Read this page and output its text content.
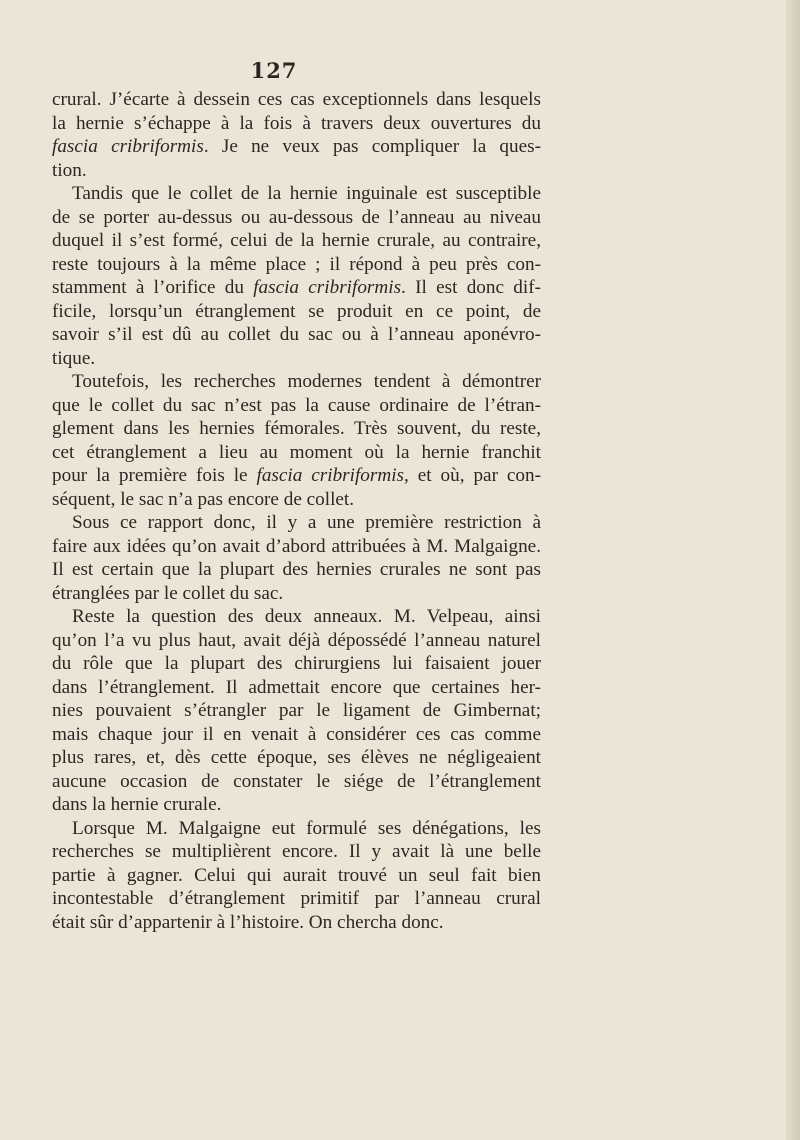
127
crural. J’écarte à dessein ces cas exceptionnels dans lesquels
la hernie s’échappe à la fois à travers deux ouvertures du
fascia cribriformis. Je ne veux pas compliquer la ques-
tion.
Tandis que le collet de la hernie inguinale est susceptible
de se porter au-dessus ou au-dessous de l’anneau au niveau
duquel il s’est formé, celui de la hernie crurale, au contraire,
reste toujours à la même place ; il répond à peu près con-
stamment à l’orifice du fascia cribriformis. Il est donc dif-
ficile, lorsqu’un étranglement se produit en ce point, de
savoir s’il est dû au collet du sac ou à l’anneau aponévro-
tique.
Toutefois, les recherches modernes tendent à démontrer
que le collet du sac n’est pas la cause ordinaire de l’étran-
glement dans les hernies fémorales. Très souvent, du reste,
cet étranglement a lieu au moment où la hernie franchit
pour la première fois le fascia cribriformis, et où, par con-
séquent, le sac n’a pas encore de collet.
Sous ce rapport donc, il y a une première restriction à
faire aux idées qu’on avait d’abord attribuées à M. Malgaigne.
Il est certain que la plupart des hernies crurales ne sont pas
étranglées par le collet du sac.
Reste la question des deux anneaux. M. Velpeau, ainsi
qu’on l’a vu plus haut, avait déjà dépossédé l’anneau naturel
du rôle que la plupart des chirurgiens lui faisaient jouer
dans l’étranglement. Il admettait encore que certaines her-
nies pouvaient s’étrangler par le ligament de Gimbernat;
mais chaque jour il en venait à considérer ces cas comme
plus rares, et, dès cette époque, ses élèves ne négligeaient
aucune occasion de constater le siége de l’étranglement
dans la hernie crurale.
Lorsque M. Malgaigne eut formulé ses dénégations, les
recherches se multiplièrent encore. Il y avait là une belle
partie à gagner. Celui qui aurait trouvé un seul fait bien
incontestable d’étranglement primitif par l’anneau crural
était sûr d’appartenir à l’histoire. On chercha donc.
